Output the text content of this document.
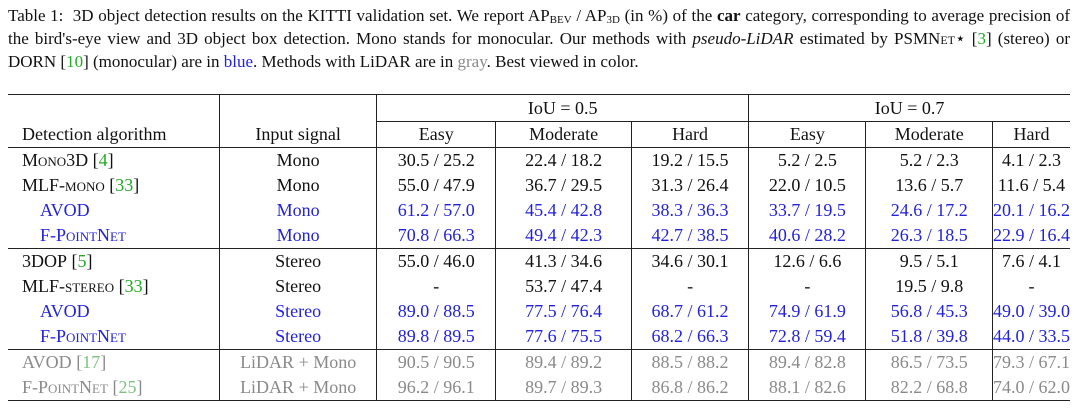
Table 1: 3D object detection results on the KITTI validation set. We report $AP_{BEV} / AP_{3D}$ (in %) of the car category, corresponding to average precision of the bird's-eye view and 3D object box detection. Mono stands for monocular. Our methods with pseudo-LiDAR estimated by PSMNet⋆ [3] (stereo) or DORN [10] (monocular) are in blue. Methods with LiDAR are in gray. Best viewed in color.
		IoU = 0.5			IoU = 0.7		
Detection algorithm	Input signal	Easy	Moderate	Hard	Easy	Moderate	Hard
Mono3D [4]	Mono	30.5 / 25.2	22.4 / 18.2	19.2 / 15.5	5.2 / 2.5	5.2 / 2.3	4.1 / 2.3
MLF-mono [33]	Mono	55.0 / 47.9	36.7 / 29.5	31.3 / 26.4	22.0 / 10.5	13.6 / 5.7	11.6 / 5.4
AVOD	Mono	61.2 / 57.0	45.4 / 42.8	38.3 / 36.3	33.7 / 19.5	24.6 / 17.2	20.1 / 16.2
F-PointNet	Mono	70.8 / 66.3	49.4 / 42.3	42.7 / 38.5	40.6 / 28.2	26.3 / 18.5	22.9 / 16.4
3DOP [5]	Stereo	55.0 / 46.0	41.3 / 34.6	34.6 / 30.1	12.6 / 6.6	9.5 / 5.1	7.6 / 4.1
MLF-stereo [33]	Stereo	-	53.7 / 47.4	-	-	19.5 / 9.8	-
AVOD	Stereo	89.0 / 88.5	77.5 / 76.4	68.7 / 61.2	74.9 / 61.9	56.8 / 45.3	49.0 / 39.0
F-PointNet	Stereo	89.8 / 89.5	77.6 / 75.5	68.2 / 66.3	72.8 / 59.4	51.8 / 39.8	44.0 / 33.5
AVOD [17]	LiDAR + Mono	90.5 / 90.5	89.4 / 89.2	88.5 / 88.2	89.4 / 82.8	86.5 / 73.5	79.3 / 67.1
F-PointNet [25]	LiDAR + Mono	96.2 / 96.1	89.7 / 89.3	86.8 / 86.2	88.1 / 82.6	82.2 / 68.8	74.0 / 62.0
